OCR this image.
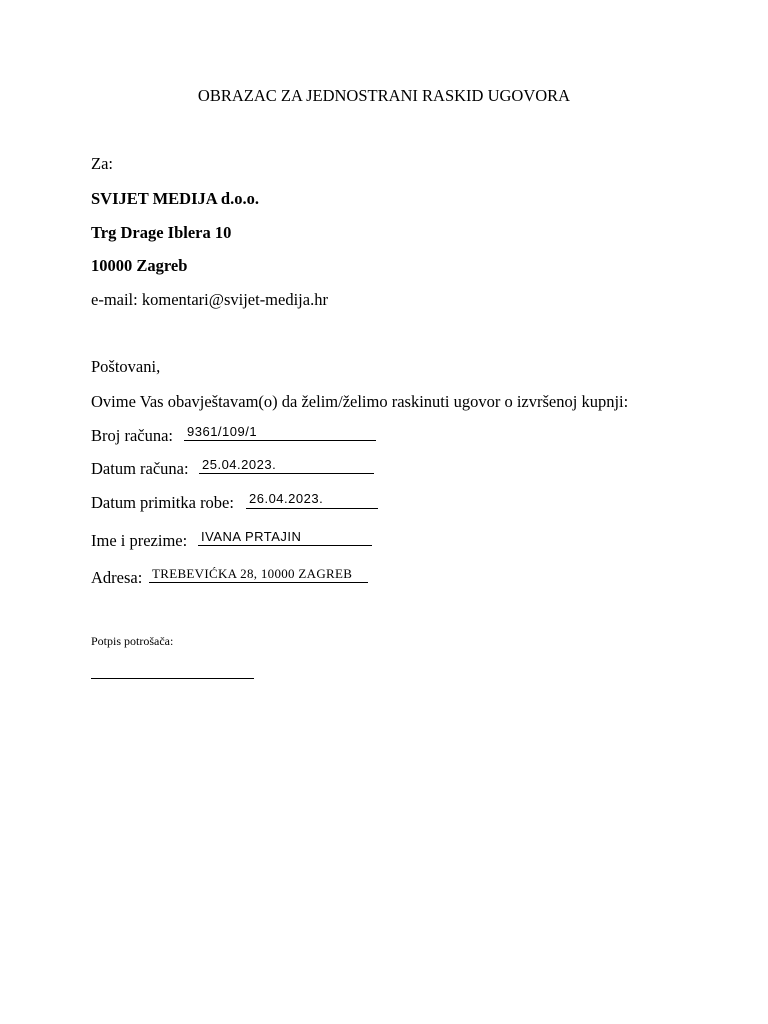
OBRAZAC ZA JEDNOSTRANI RASKID UGOVORA
Za:
SVIJET MEDIJA d.o.o.
Trg Drage Iblera 10
10000 Zagreb
e-mail: komentari@svijet-medija.hr
Poštovani,
Ovime Vas obavještavam(o) da želim/želimo raskinuti ugovor o izvršenoj kupnji:
Broj računa: 9361/109/1
Datum računa: 25.04.2023.
Datum primitka robe: 26.04.2023.
Ime i prezime: IVANA PRTAJIN
Adresa: TREBEVIĆKA 28, 10000 ZAGREB
Potpis potrošača:
